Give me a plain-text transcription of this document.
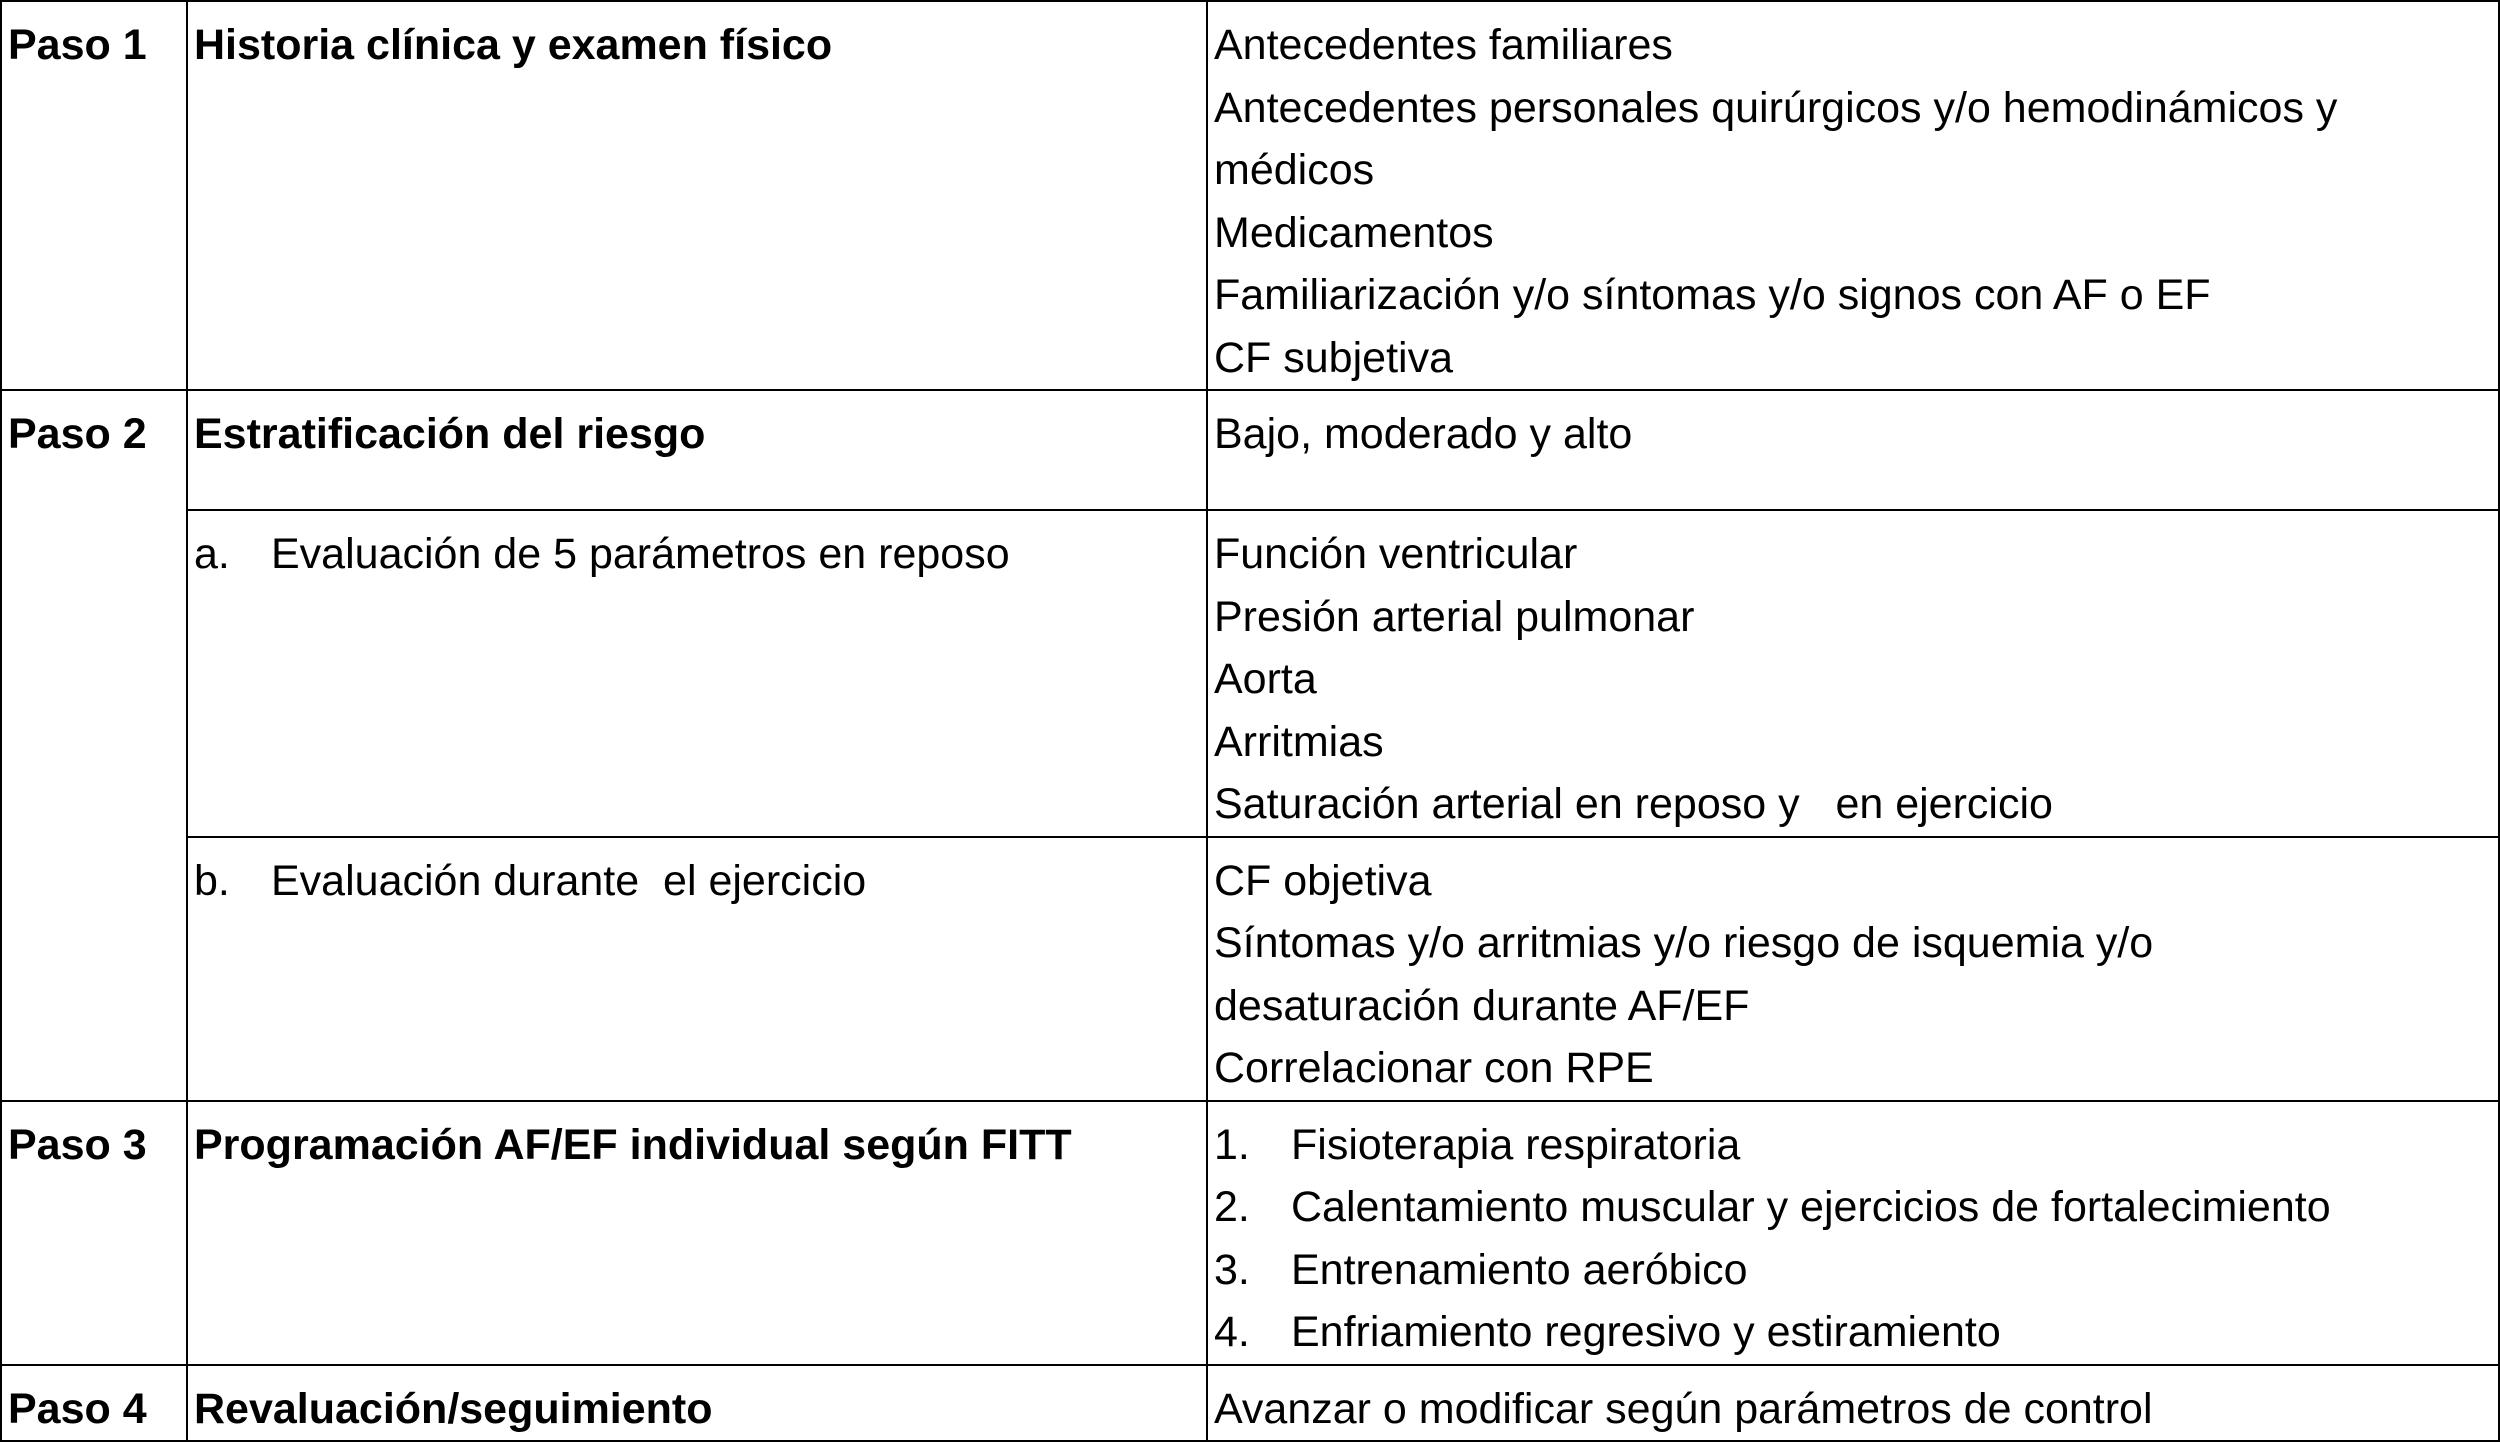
Paso 1	Historia clínica y examen físico	Antecedentes familiares
Antecedentes personales quirúrgicos y/o hemodinámicos y médicos
Medicamentos
Familiarización y/o síntomas y/o signos con AF o EF
CF subjetiva

Paso 2	Estratificación del riesgo	Bajo, moderado y alto

	a. Evaluación de 5 parámetros en reposo	Función ventricular
Presión arterial pulmonar
Aorta
Arritmias
Saturación arterial en reposo y   en ejercicio

	b. Evaluación durante  el ejercicio	CF objetiva
Síntomas y/o arritmias y/o riesgo de isquemia y/o desaturación durante AF/EF
Correlacionar con RPE

Paso 3	Programación AF/EF individual según FITT	1. Fisioterapia respiratoria
2. Calentamiento muscular y ejercicios de fortalecimiento
3. Entrenamiento aeróbico
4. Enfriamiento regresivo y estiramiento

Paso 4	Revaluación/seguimiento	Avanzar o modificar según parámetros de control
